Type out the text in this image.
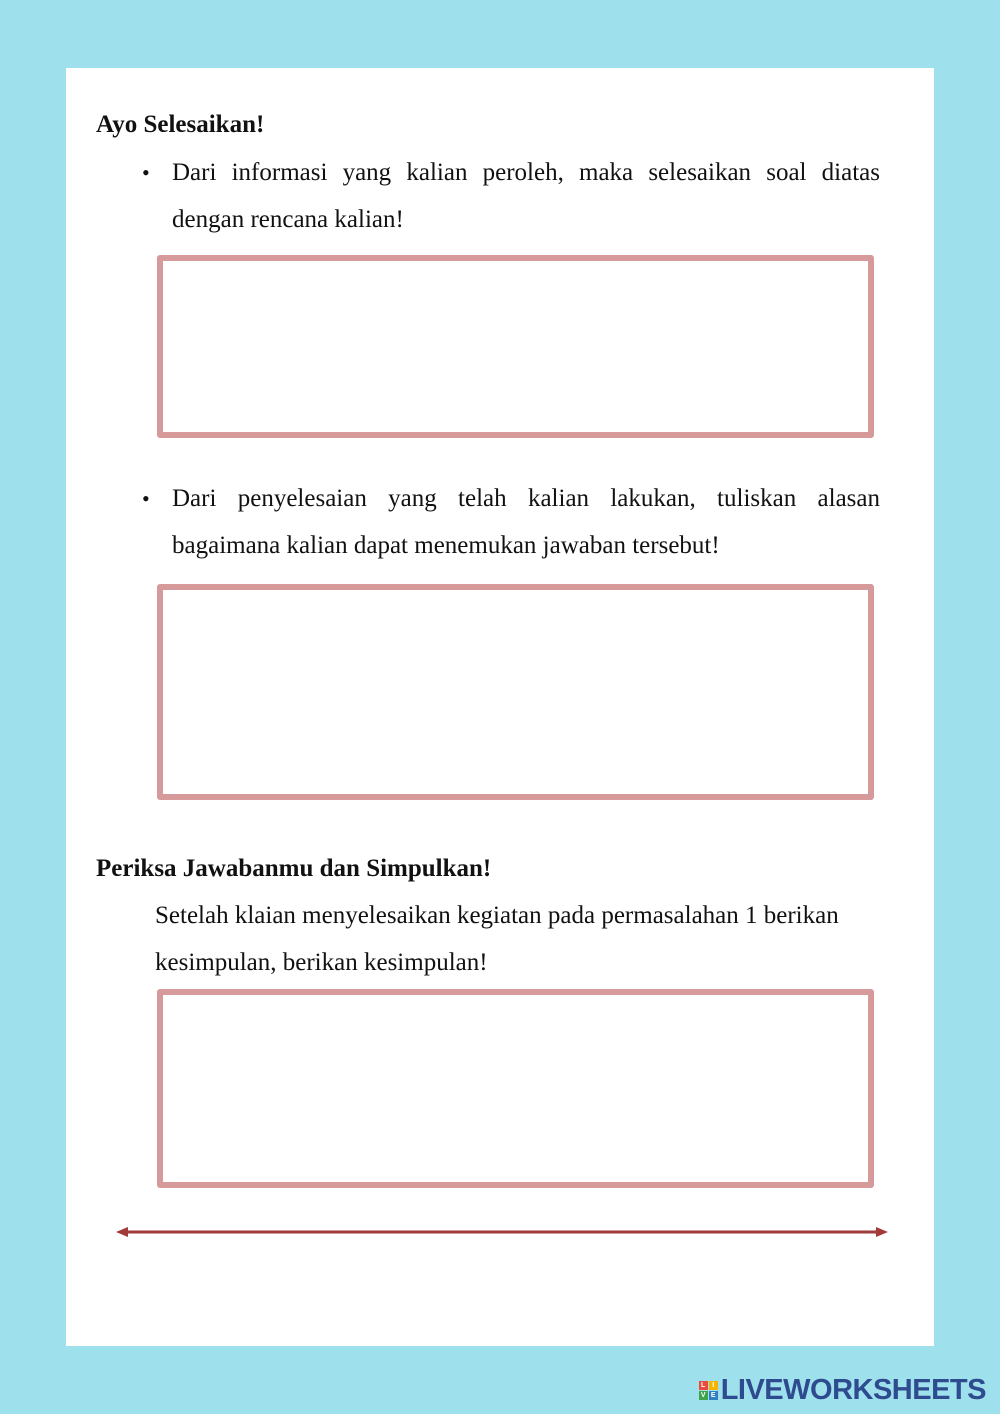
Ayo Selesaikan!
• Dari informasi yang kalian peroleh, maka selesaikan soal diatas dengan rencana kalian!
• Dari penyelesaian yang telah kalian lakukan, tuliskan alasan bagaimana kalian dapat menemukan jawaban tersebut!
Periksa Jawabanmu dan Simpulkan!
Setelah klaian menyelesaikan kegiatan pada permasalahan 1 berikan kesimpulan, berikan kesimpulan!
L I
V E LIVEWORKSHEETS
